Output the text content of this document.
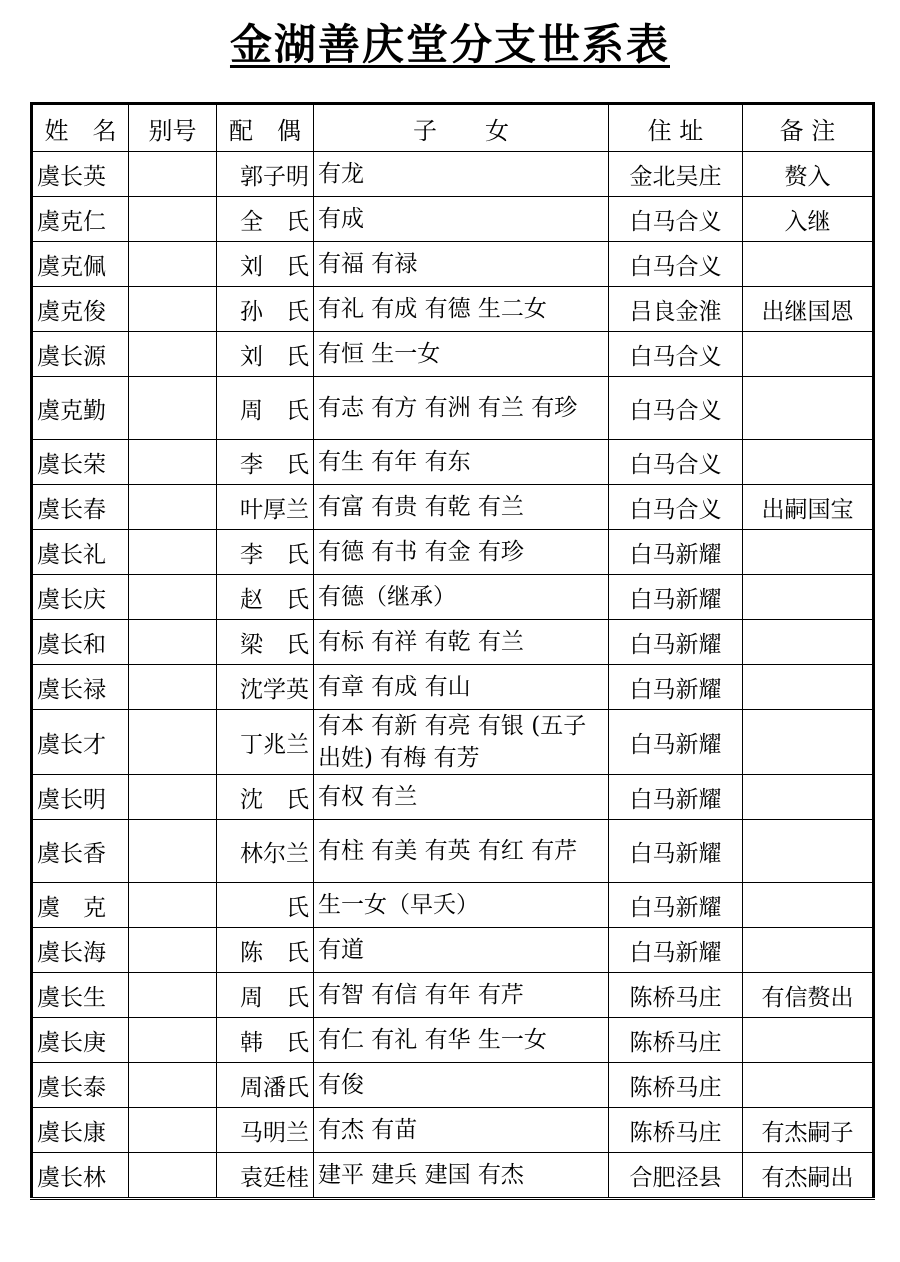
金湖善庆堂分支世系表
姓　名	别号	配　偶	子　　女	住 址	备 注
虞长英		郭子明	有龙	金北吴庄	赘入
虞克仁		全　氏	有成	白马合义	入继
虞克佩		刘　氏	有福 有禄	白马合义	
虞克俊		孙　氏	有礼 有成 有德 生二女	吕良金淮	出继国恩
虞长源		刘　氏	有恒 生一女	白马合义	
虞克勤		周　氏	有志 有方 有洲 有兰 有珍	白马合义	
虞长荣		李　氏	有生 有年 有东	白马合义	
虞长春		叶厚兰	有富 有贵 有乾 有兰	白马合义	出嗣国宝
虞长礼		李　氏	有德 有书 有金 有珍	白马新耀	
虞长庆		赵　氏	有德（继承）	白马新耀	
虞长和		梁　氏	有标 有祥 有乾 有兰	白马新耀	
虞长禄		沈学英	有章 有成 有山	白马新耀	
虞长才		丁兆兰	有本 有新 有亮 有银 (五子出姓) 有梅 有芳	白马新耀	
虞长明		沈　氏	有权 有兰	白马新耀	
虞长香		林尔兰	有柱 有美 有英 有红 有芹	白马新耀	
虞　克		氏	生一女（早夭）	白马新耀	
虞长海		陈　氏	有道	白马新耀	
虞长生		周　氏	有智 有信 有年 有芹	陈桥马庄	有信赘出
虞长庚		韩　氏	有仁 有礼 有华 生一女	陈桥马庄	
虞长泰		周潘氏	有俊	陈桥马庄	
虞长康		马明兰	有杰 有苗	陈桥马庄	有杰嗣子
虞长林		袁廷桂	建平 建兵 建国 有杰	合肥泾县	有杰嗣出
